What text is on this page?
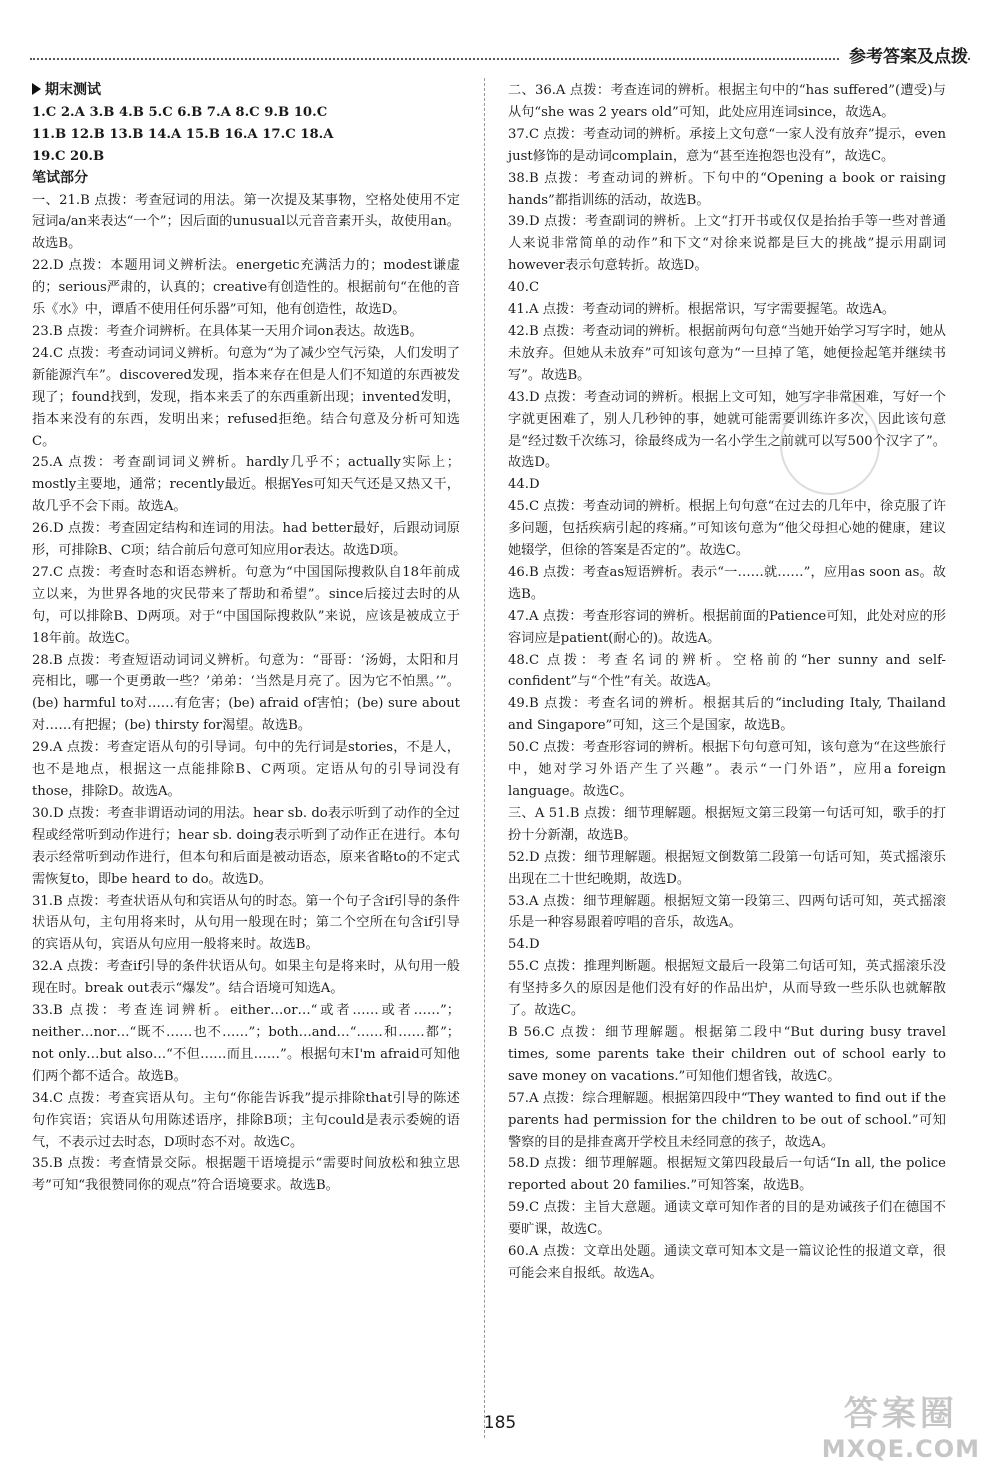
参考答案及点拨
期末测试
1.C 2.A 3.B 4.B 5.C 6.B 7.A 8.C 9.B 10.C
11.B 12.B 13.B 14.A 15.B 16.A 17.C 18.A
19.C 20.B
笔试部分

一、21.B 点拨：考查冠词的用法。第一次提及某事物，空格处使用不定冠词a/an来表达“一个”；因后面的unusual以元音音素开头，故使用an。故选B。

22.D 点拨：本题用词义辨析法。energetic充满活力的；modest谦虚的；serious严肃的，认真的；creative有创造性的。根据前句“在他的音乐《水》中，谭盾不使用任何乐器”可知，他有创造性，故选D。

23.B 点拨：考查介词辨析。在具体某一天用介词on表达。故选B。

24.C 点拨：考查动词词义辨析。句意为“为了减少空气污染，人们发明了新能源汽车”。discovered发现，指本来存在但是人们不知道的东西被发现了；found找到，发现，指本来丢了的东西重新出现；invented发明，指本来没有的东西，发明出来；refused拒绝。结合句意及分析可知选C。

25.A 点拨：考查副词词义辨析。hardly几乎不；actually实际上；mostly主要地，通常；recently最近。根据Yes可知天气还是又热又干，故几乎不会下雨。故选A。

26.D 点拨：考查固定结构和连词的用法。had better最好，后跟动词原形，可排除B、C项；结合前后句意可知应用or表达。故选D项。

27.C 点拨：考查时态和语态辨析。句意为“中国国际搜救队自18年前成立以来，为世界各地的灾民带来了帮助和希望”。since后接过去时的从句，可以排除B、D两项。对于“中国国际搜救队”来说，应该是被成立于18年前。故选C。

28.B 点拨：考查短语动词词义辨析。句意为：“哥哥：‘汤姆，太阳和月亮相比，哪一个更勇敢一些？’弟弟：‘当然是月亮了。因为它不怕黑。’”。(be) harmful to对……有危害；(be) afraid of害怕；(be) sure about对……有把握；(be) thirsty for渴望。故选B。

29.A 点拨：考查定语从句的引导词。句中的先行词是stories，不是人，也不是地点，根据这一点能排除B、C两项。定语从句的引导词没有those，排除D。故选A。

30.D 点拨：考查非谓语动词的用法。hear sb. do表示听到了动作的全过程或经常听到动作进行；hear sb. doing表示听到了动作正在进行。本句表示经常听到动作进行，但本句和后面是被动语态，原来省略to的不定式需恢复to，即be heard to do。故选D。

31.B 点拨：考查状语从句和宾语从句的时态。第一个句子含if引导的条件状语从句，主句用将来时，从句用一般现在时；第二个空所在句含if引导的宾语从句，宾语从句应用一般将来时。故选B。

32.A 点拨：考查if引导的条件状语从句。如果主句是将来时，从句用一般现在时。break out表示“爆发”。结合语境可知选A。

33.B 点拨：考查连词辨析。either…or…“或者……或者……”；neither…nor…“既不……也不……”；both…and…“……和……都”；not only…but also…“不但……而且……”。根据句末I'm afraid可知他们两个都不适合。故选B。

34.C 点拨：考查宾语从句。主句“你能告诉我”提示排除that引导的陈述句作宾语；宾语从句用陈述语序，排除B项；主句could是表示委婉的语气，不表示过去时态，D项时态不对。故选C。

35.B 点拨：考查情景交际。根据题干语境提示“需要时间放松和独立思考”可知“我很赞同你的观点”符合语境要求。故选B。

二、36.A 点拨：考查连词的辨析。根据主句中的“has suffered”(遭受)与从句“she was 2 years old”可知，此处应用连词since，故选A。

37.C 点拨：考查动词的辨析。承接上文句意“一家人没有放弃”提示，even just修饰的是动词complain，意为“甚至连抱怨也没有”，故选C。

38.B 点拨：考查动词的辨析。下句中的“Opening a book or raising hands”都指训练的活动，故选B。

39.D 点拨：考查副词的辨析。上文“打开书或仅仅是抬抬手等一些对普通人来说非常简单的动作”和下文“对徐来说都是巨大的挑战”提示用副词however表示句意转折。故选D。

40.C

41.A 点拨：考查动词的辨析。根据常识，写字需要握笔。故选A。

42.B 点拨：考查动词的辨析。根据前两句句意“当她开始学习写字时，她从未放弃。但她从未放弃”可知该句意为“一旦掉了笔，她便捡起笔并继续书写”。故选B。

43.D 点拨：考查动词的辨析。根据上文可知，她写字非常困难，写好一个字就更困难了，别人几秒钟的事，她就可能需要训练许多次，因此该句意是“经过数千次练习，徐最终成为一名小学生之前就可以写500个汉字了”。故选D。

44.D

45.C 点拨：考查动词的辨析。根据上句句意“在过去的几年中，徐克服了许多问题，包括疾病引起的疼痛。”可知该句意为“他父母担心她的健康，建议她辍学，但徐的答案是否定的”。故选C。

46.B 点拨：考查as短语辨析。表示“一……就……”，应用as soon as。故选B。

47.A 点拨：考查形容词的辨析。根据前面的Patience可知，此处对应的形容词应是patient(耐心的)。故选A。

48.C 点拨：考查名词的辨析。空格前的“her sunny and self-confident”与“个性”有关。故选A。

49.B 点拨：考查名词的辨析。根据其后的“including Italy, Thailand and Singapore”可知，这三个是国家，故选B。

50.C 点拨：考查形容词的辨析。根据下句句意可知，该句意为“在这些旅行中，她对学习外语产生了兴趣”。表示“一门外语”，应用a foreign language。故选C。

三、A 51.B 点拨：细节理解题。根据短文第三段第一句话可知，歌手的打扮十分新潮，故选B。

52.D 点拨：细节理解题。根据短文倒数第二段第一句话可知，英式摇滚乐出现在二十世纪晚期，故选D。

53.A 点拨：细节理解题。根据短文第一段第三、四两句话可知，英式摇滚乐是一种容易跟着哼唱的音乐，故选A。

54.D

55.C 点拨：推理判断题。根据短文最后一段第二句话可知，英式摇滚乐没有坚持多久的原因是他们没有好的作品出炉，从而导致一些乐队也就解散了。故选C。

B 56.C 点拨：细节理解题。根据第二段中“But during busy travel times, some parents take their children out of school early to save money on vacations.”可知他们想省钱，故选C。

57.A 点拨：综合理解题。根据第四段中“They wanted to find out if the parents had permission for the children to be out of school.”可知警察的目的是排查离开学校且未经同意的孩子，故选A。

58.D 点拨：细节理解题。根据短文第四段最后一句话“In all, the police reported about 20 families.”可知答案，故选B。

59.C 点拨：主旨大意题。通读文章可知作者的目的是劝诫孩子们在德国不要旷课，故选C。

60.A 点拨：文章出处题。通读文章可知本文是一篇议论性的报道文章，很可能会来自报纸。故选A。

185	答案圈
MXQE.COM
